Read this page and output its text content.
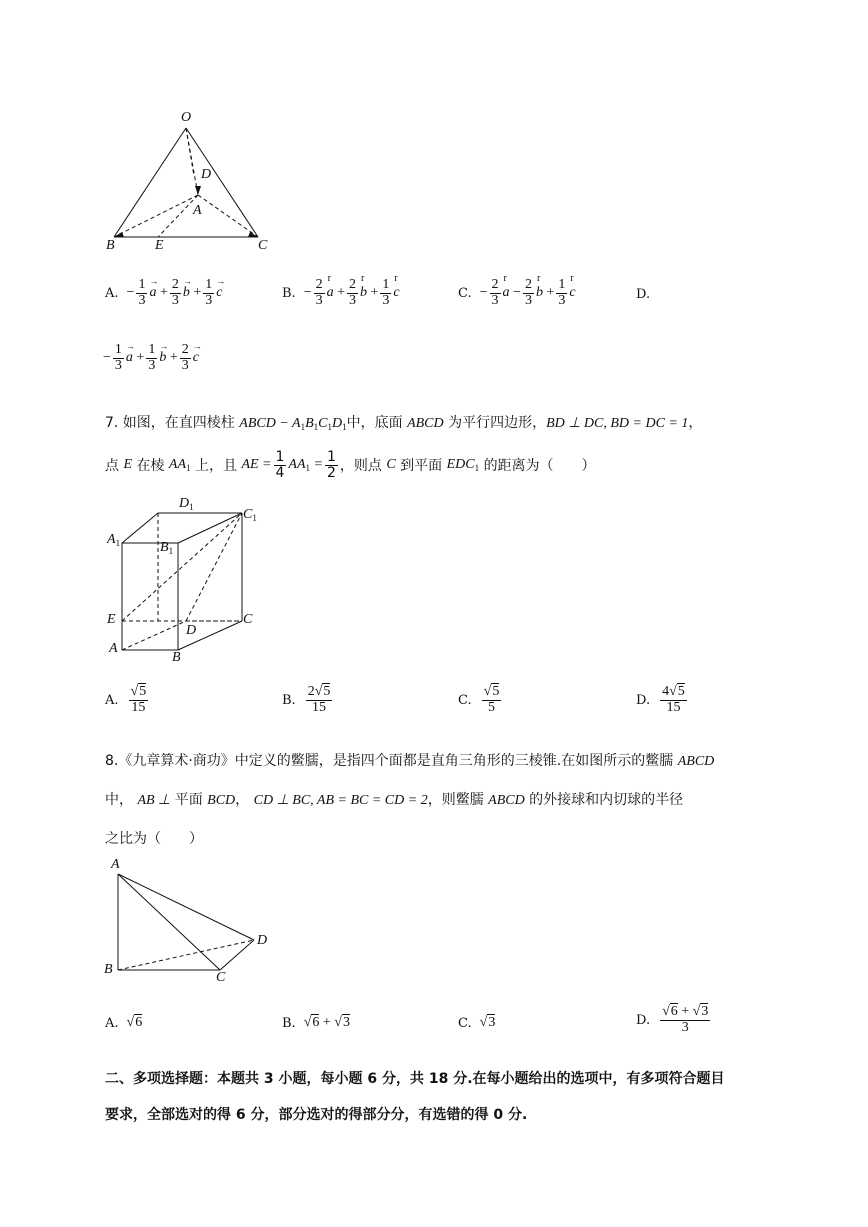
O
D
A
B	E	C
A. − $\frac{1}{3}$
→ $a + \frac{2}{3}$
→ $b + \frac{1}{3}$
→ c	B. − $\frac{2}{3}$
r $a + \frac{2}{3}$
r $b + \frac{1}{3}$
r c	C. − $\frac{2}{3}$
r $a - \frac{2}{3}$
r $b + \frac{1}{3}$
r c	D.
− $\frac{1}{3}$
→ $a + \frac{1}{3}$
→ $b + \frac{2}{3}$
→ c
7. 如图，在直四棱柱 ABCD − $A_1B_1C_1D_1$中，底面 ABCD 为平行四边形，BD ⊥ DC, BD = DC = 1，
点
E
在棱
$AA_1$
上，且
AE = $\frac{1}{4} AA_1 = \frac{1}{2}$ ，则点
C
到平面
$EDC_1$
的距离为（　　）
$D_1$	$C_1$
$A_1$	$B_1$
E
D
C
A
B
A. $\frac{√5}{15}$	B. $\frac{2√5}{15}$	C. $\frac{√5}{5}$	D. $\frac{4√5}{15}$
8.《九章算术·商功》中定义的鳖臑，是指四个面都是直角三角形的三棱锥.在如图所示的鳖臑 ABCD
中， AB ⊥ 平面 BCD， CD ⊥ BC, AB = BC = CD = 2，则鳖臑 ABCD 的外接球和内切球的半径
之比为（　　）
A
B
C
D
A. √6	B. √6 + √3	C. √3	D. $\frac{√6 + √3}{3}$
二、多项选择题：本题共 3 小题，每小题 6 分，共 18 分.在每小题给出的选项中，有多项符合题目
要求，全部选对的得 6 分，部分选对的得部分分，有选错的得 0 分.
